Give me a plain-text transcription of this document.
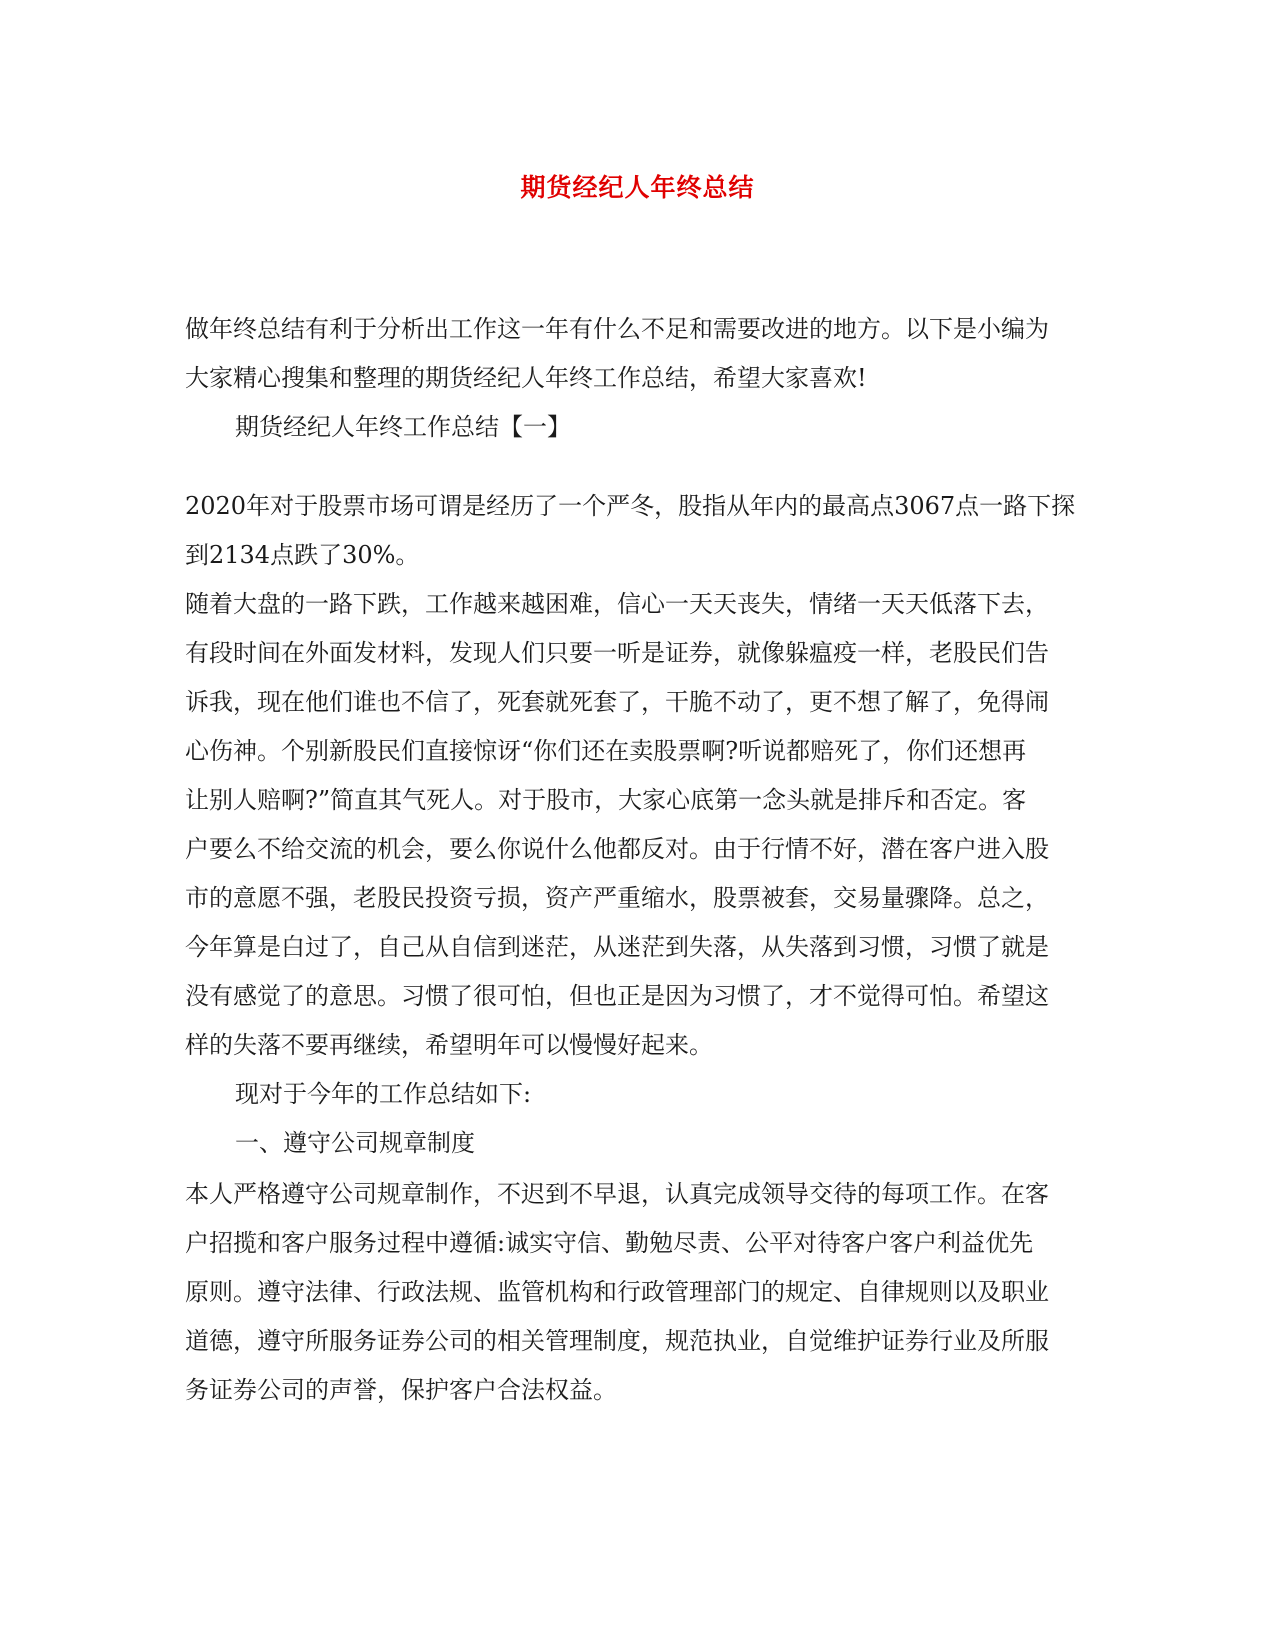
期货经纪人年终总结
做年终总结有利于分析出工作这一年有什么不足和需要改进的地方。以下是小编为
大家精心搜集和整理的期货经纪人年终工作总结，希望大家喜欢!
期货经纪人年终工作总结【一】
2020年对于股票市场可谓是经历了一个严冬，股指从年内的最高点3067点一路下探
到2134点跌了30%。
随着大盘的一路下跌，工作越来越困难，信心一天天丧失，情绪一天天低落下去，
有段时间在外面发材料，发现人们只要一听是证券，就像躲瘟疫一样，老股民们告
诉我，现在他们谁也不信了，死套就死套了，干脆不动了，更不想了解了，免得闹
心伤神。个别新股民们直接惊讶“你们还在卖股票啊?听说都赔死了，你们还想再
让别人赔啊?”简直其气死人。对于股市，大家心底第一念头就是排斥和否定。客
户要么不给交流的机会，要么你说什么他都反对。由于行情不好，潜在客户进入股
市的意愿不强，老股民投资亏损，资产严重缩水，股票被套，交易量骤降。总之，
今年算是白过了，自己从自信到迷茫，从迷茫到失落，从失落到习惯，习惯了就是
没有感觉了的意思。习惯了很可怕，但也正是因为习惯了，才不觉得可怕。希望这
样的失落不要再继续，希望明年可以慢慢好起来。
现对于今年的工作总结如下:
一、遵守公司规章制度
本人严格遵守公司规章制作，不迟到不早退，认真完成领导交待的每项工作。在客
户招揽和客户服务过程中遵循:诚实守信、勤勉尽责、公平对待客户客户利益优先
原则。遵守法律、行政法规、监管机构和行政管理部门的规定、自律规则以及职业
道德，遵守所服务证券公司的相关管理制度，规范执业，自觉维护证券行业及所服
务证券公司的声誉，保护客户合法权益。
